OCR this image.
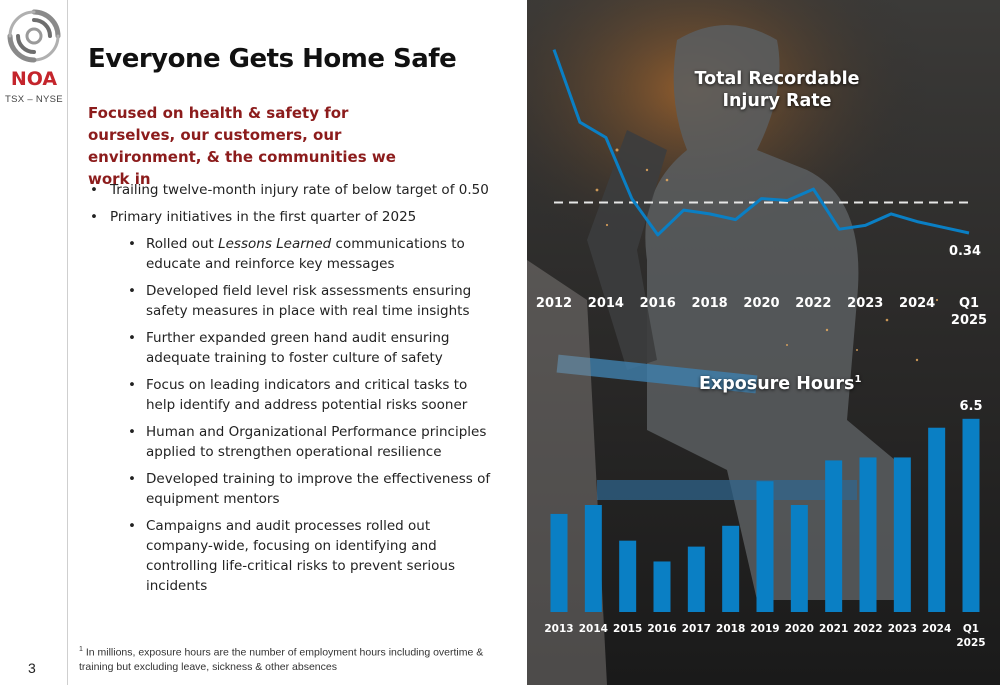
NOA
TSX – NYSE
3
Everyone Gets Home Safe
Focused on health & safety for ourselves, our customers, our environment, & the communities we work in
• Trailing twelve-month injury rate of below target of 0.50
• Primary initiatives in the first quarter of 2025
• Rolled out Lessons Learned communications to educate and reinforce key messages
• Developed field level risk assessments ensuring safety measures in place with real time insights
• Further expanded green hand audit ensuring adequate training to foster culture of safety
• Focus on leading indicators and critical tasks to help identify and address potential risks sooner
• Human and Organizational Performance principles applied to strengthen operational resilience
• Developed training to improve the effectiveness of equipment mentors
• Campaigns and audit processes rolled out company-wide, focusing on identifying and controlling life-critical risks to prevent serious incidents
$^1$ In millions, exposure hours are the number of employment hours including overtime & training but excluding leave, sickness & other absences
0.34
2012 2014 2016 2018 2020 2022 2023 2024 Q1
2025
2013 2014 2015 2016 2017 2018 2019 2020 2021 2022 2023 2024 Q1
2025
6.5
Total Recordable Injury Rate
Exposure Hours$^1$
